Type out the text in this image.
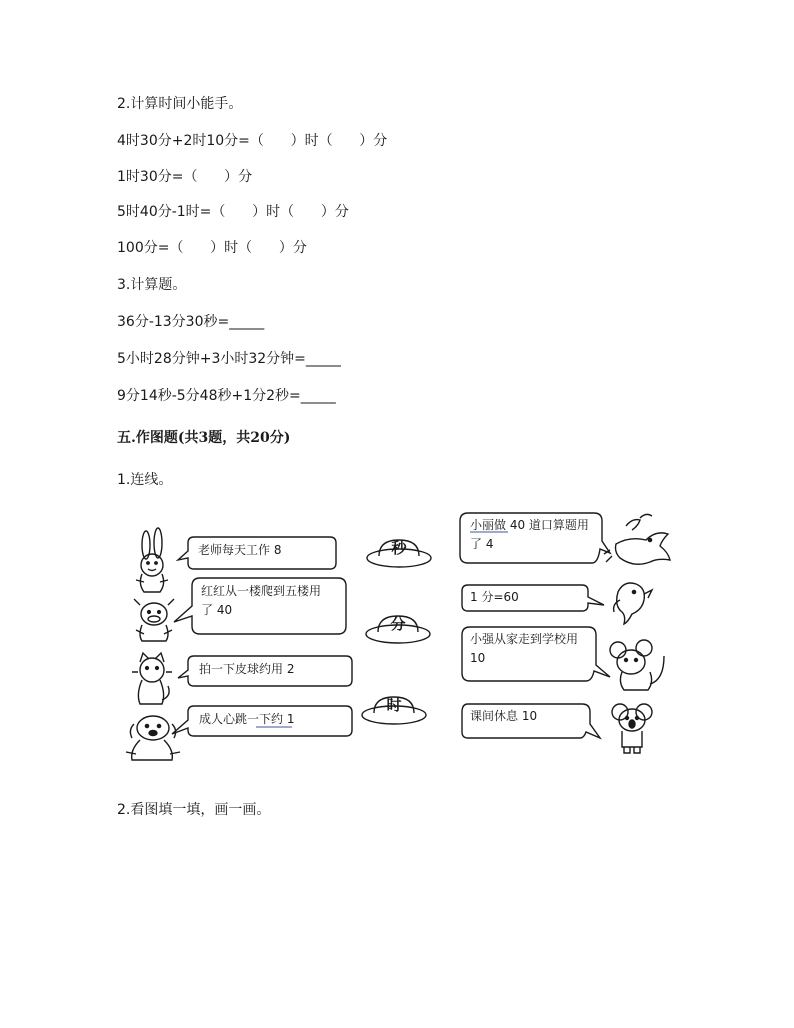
2.计算时间小能手。
4时30分+2时10分=（      ）时（      ）分
1时30分=（      ）分
5时40分-1时=（      ）时（      ）分
100分=（      ）时（      ）分
3.计算题。
36分-13分30秒=_____
5小时28分钟+3小时32分钟=_____
9分14秒-5分48秒+1分2秒=_____
五.作图题(共3题，共20分)
1.连线。
2.看图填一填，画一画。
秒
分
时
老师每天工作 8
红红从一楼爬到五楼用
了 40
拍一下皮球约用 2
成人心跳一下约 1
小丽做 40 道口算题用
了 4
1 分=60
小强从家走到学校用
10
课间休息 10
